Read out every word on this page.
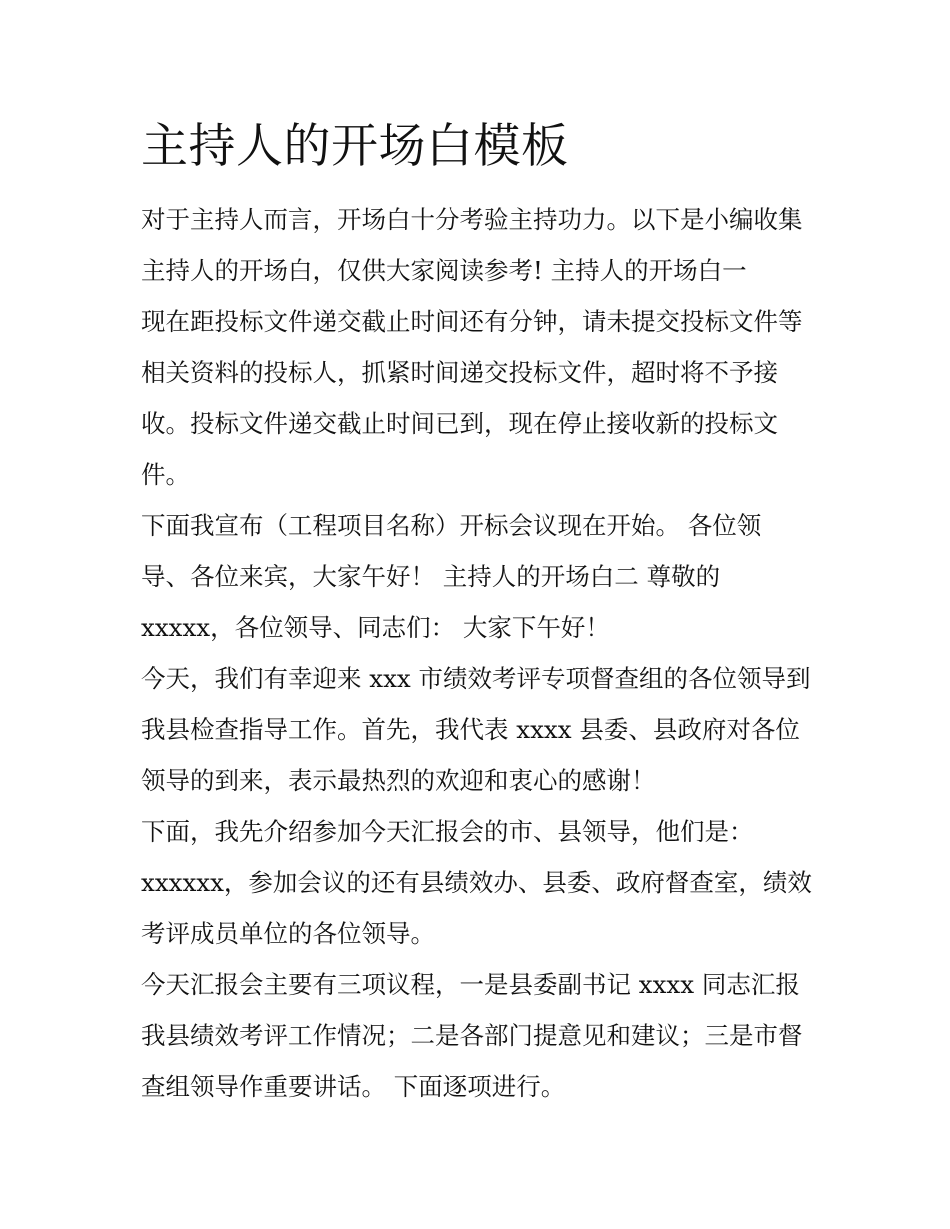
主持人的开场白模板
对于主持人而言，开场白十分考验主持功力。以下是小编收集
主持人的开场白，仅供大家阅读参考! 主持人的开场白一
现在距投标文件递交截止时间还有分钟，请未提交投标文件等
相关资料的投标人，抓紧时间递交投标文件，超时将不予接
收。投标文件递交截止时间已到，现在停止接收新的投标文
件。
下面我宣布（工程项目名称）开标会议现在开始。 各位领
导、各位来宾，大家午好！ 主持人的开场白二 尊敬的
xxxxx，各位领导、同志们： 大家下午好！
今天，我们有幸迎来 xxx 市绩效考评专项督查组的各位领导到
我县检查指导工作。首先，我代表 xxxx 县委、县政府对各位
领导的到来，表示最热烈的欢迎和衷心的感谢！
下面，我先介绍参加今天汇报会的市、县领导，他们是：
xxxxxx，参加会议的还有县绩效办、县委、政府督查室，绩效
考评成员单位的各位领导。
今天汇报会主要有三项议程，一是县委副书记 xxxx 同志汇报
我县绩效考评工作情况；二是各部门提意见和建议；三是市督
查组领导作重要讲话。 下面逐项进行。
